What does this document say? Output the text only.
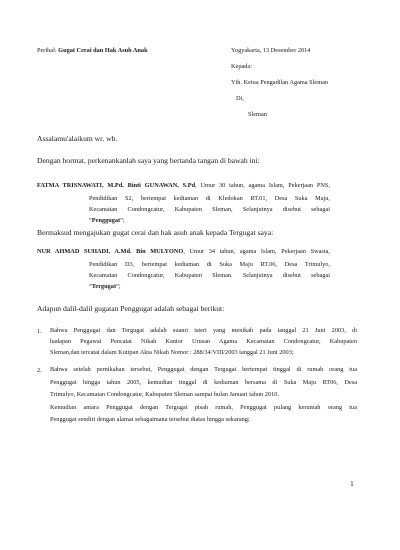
Perihal: Gugat Cerai dan Hak Asuh Anak	Yogyakarta, 13 Desember 2014
Kepada:
Yth. Ketua Pengadilan Agama Sleman
Di,
Sleman
Assalamu'alaikum wr. wb.
Dengan hormat, perkenankanlah saya yang bertanda tangan di bawah ini:
FATMA TRISNAWATI, M.Pd. Binti GUNAWAN, S.Pd, Umur 30 tahun, agama Islam, Pekerjaan PNS,
Pendidikan S2, bertempat kediaman di Kledokan RT.01, Desa Suka Maju,
Kecamatan Condongcatur, Kabupaten Sleman, Selanjutnya disebut sebagai
“Penggugat”;
Bermaksud mengajukan gugat cerai dan hak asuh anak kepada Tergugat saya:
NUR AHMAD SUHADI, A.Md. Bin MULYONO, Umur 34 tahun, agama Islam, Pekerjaan Swasta,
Pendidikan D3, bertempat kediaman di Suka Maju RT.06, Desa Trimulyo,
Kecamatan Condongcatur, Kabupaten Sleman. Selanjutnya disebut sebagai
“Tergugat”;
Adapun dalil-dalil gugatan Penggugat adalah sebagai berikut:
1. Bahwa Penggugat dan Tergugat adalah suami isteri yang menikah pada tanggal 21 Juni 2003, di
hadapan Pegawai Pencatat Nikah Kantor Urusan Agama Kecamatan Condongcatur, Kabupaten
Sleman,dan tercatat dalam Kutipan Akta Nikah Nomor : 288/34/VIII/2003 tanggal 21 Juni 2003;
2. Bahwa setelah pernikahan tersebut, Penggugat dengan Tergugat bertempat tinggal di rumah orang tua
Penggugat hingga tahun 2005, kemudian tinggal di kediaman bersama di Suka Maju RT06, Desa
Trimulyo, Kecamatan Condongcatur, Kabupaten Sleman sampai bulan Januari tahun 2010.
Kemudian antara Penggugat dengan Tergugat pisah rumah, Penggugat pulang kerumah orang tua
Penggugat sendiri dengan alamat sebagaimana tersebut diatas hingga sekarang;
1
